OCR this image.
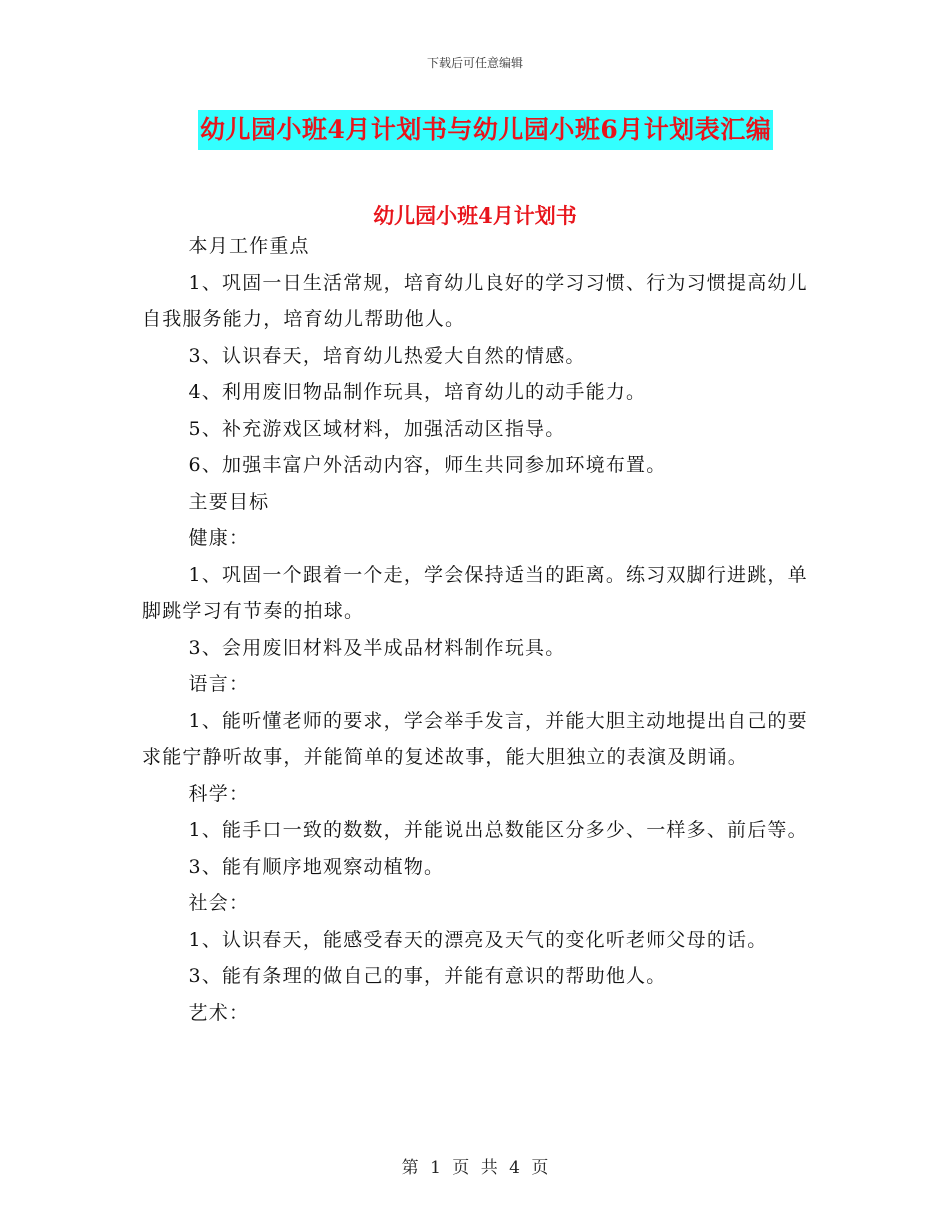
下载后可任意编辑
幼儿园小班4月计划书与幼儿园小班6月计划表汇编
幼儿园小班4月计划书

本月工作重点

1、巩固一日生活常规，培育幼儿良好的学习习惯、行为习惯提高幼儿自我服务能力，培育幼儿帮助他人。

3、认识春天，培育幼儿热爱大自然的情感。

4、利用废旧物品制作玩具，培育幼儿的动手能力。

5、补充游戏区域材料，加强活动区指导。

6、加强丰富户外活动内容，师生共同参加环境布置。

主要目标

健康：

1、巩固一个跟着一个走，学会保持适当的距离。练习双脚行进跳，单脚跳学习有节奏的拍球。

3、会用废旧材料及半成品材料制作玩具。

语言：

1、能听懂老师的要求，学会举手发言，并能大胆主动地提出自己的要求能宁静听故事，并能简单的复述故事，能大胆独立的表演及朗诵。

科学：

1、能手口一致的数数，并能说出总数能区分多少、一样多、前后等。

3、能有顺序地观察动植物。

社会：

1、认识春天，能感受春天的漂亮及天气的变化听老师父母的话。

3、能有条理的做自己的事，并能有意识的帮助他人。

艺术：

第 1 页 共 4 页
